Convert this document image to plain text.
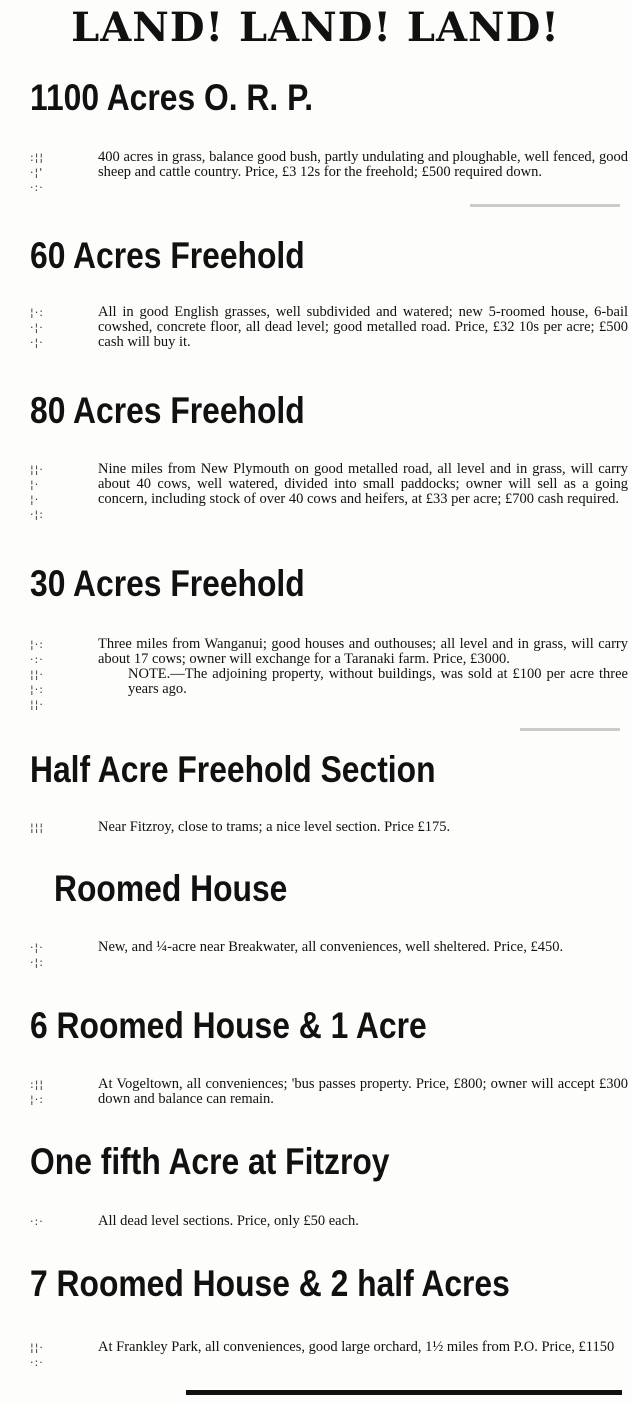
LAND! LAND! LAND!
1100 Acres O. R. P.
:¦¦
·¦'
·:·

400 acres in grass, balance good bush, partly undulating and ploughable, well fenced, good sheep and cattle country. Price, £3 12s for the freehold; £500 required down.

60 Acres Freehold
¦·:
·¦·
·¦·

All in good English grasses, well subdivided and watered; new 5-roomed house, 6-bail cowshed, concrete floor, all dead level; good metalled road. Price, £32 10s per acre; £500 cash will buy it.

80 Acres Freehold
¦¦·
¦·
¦·
·¦:

Nine miles from New Plymouth on good metalled road, all level and in grass, will carry about 40 cows, well watered, divided into small paddocks; owner will sell as a going concern, including stock of over 40 cows and heifers, at £33 per acre; £700 cash required.

30 Acres Freehold
¦·:
·:·
¦¦·
¦·:
¦¦·

Three miles from Wanganui; good houses and outhouses; all level and in grass, will carry about 17 cows; owner will exchange for a Taranaki farm. Price, £3000.

NOTE.—The adjoining property, without buildings, was sold at £100 per acre three years ago.

Half Acre Freehold Section
¦¦¦	Near Fitzroy, close to trams; a nice level section. Price £175.

Roomed House
·¦·
·¦:

New, and ¼-acre near Breakwater, all conveniences, well sheltered. Price, £450.

6 Roomed House & 1 Acre
:¦¦
¦·:

At Vogeltown, all conveniences; 'bus passes property. Price, £800; owner will accept £300 down and balance can remain.

One fifth Acre at Fitzroy
·:·	All dead level sections. Price, only £50 each.

7 Roomed House & 2 half Acres
¦¦·
·:·

At Frankley Park, all conveniences, good large orchard, 1½ miles from P.O. Price, £1150
